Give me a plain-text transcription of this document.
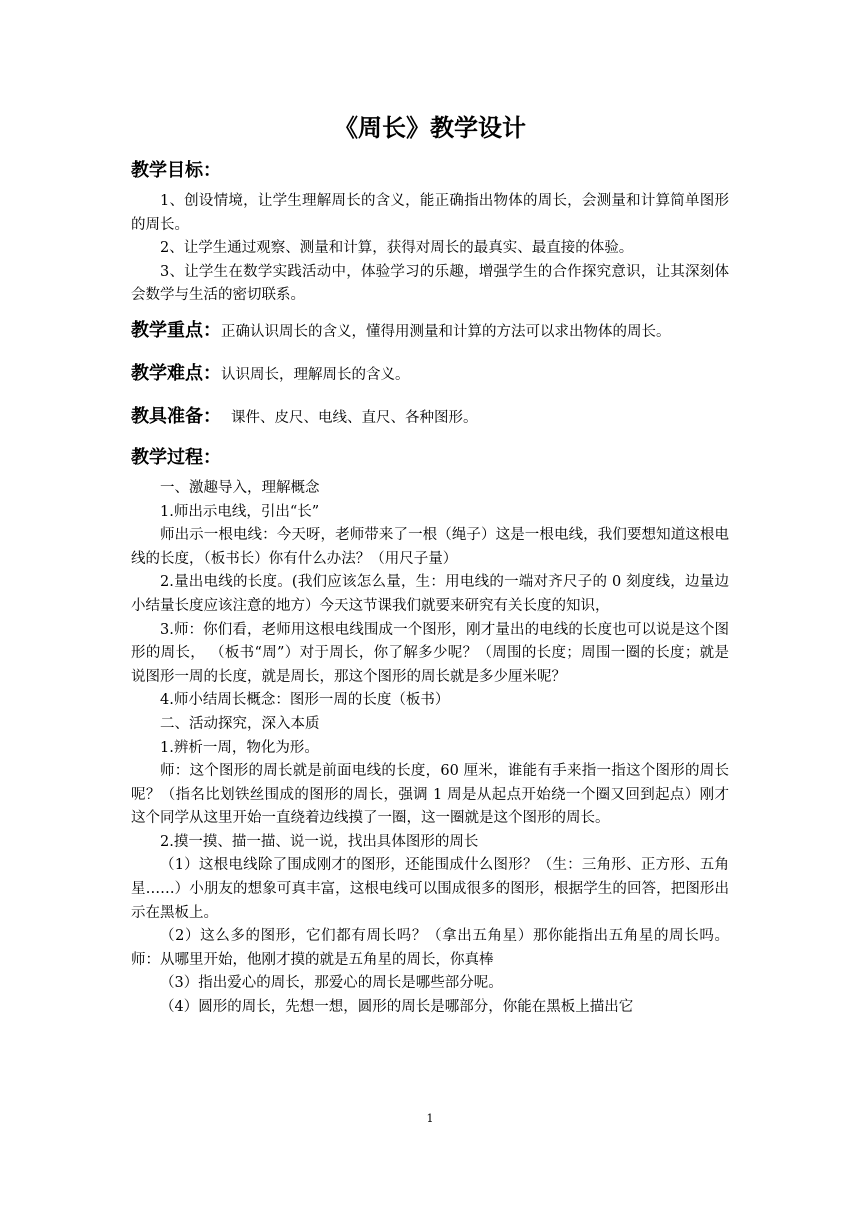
《周长》教学设计
教学目标：

1、创设情境，让学生理解周长的含义，能正确指出物体的周长，会测量和计算简单图形的周长。

2、让学生通过观察、测量和计算，获得对周长的最真实、最直接的体验。

3、让学生在数学实践活动中，体验学习的乐趣，增强学生的合作探究意识，让其深刻体会数学与生活的密切联系。

教学重点：正确认识周长的含义，懂得用测量和计算的方法可以求出物体的周长。

教学难点：认识周长，理解周长的含义。

教具准备： 课件、皮尺、电线、直尺、各种图形。

教学过程：

一、激趣导入，理解概念

1.师出示电线，引出“长”

师出示一根电线：今天呀，老师带来了一根（绳子）这是一根电线，我们要想知道这根电线的长度，（板书长）你有什么办法？（用尺子量）

2.量出电线的长度。(我们应该怎么量，生：用电线的一端对齐尺子的 0 刻度线，边量边小结量长度应该注意的地方）今天这节课我们就要来研究有关长度的知识，

3.师：你们看，老师用这根电线围成一个图形，刚才量出的电线的长度也可以说是这个图形的周长， （板书“周”）对于周长，你了解多少呢？（周围的长度；周围一圈的长度；就是说图形一周的长度，就是周长，那这个图形的周长就是多少厘米呢？

4.师小结周长概念：图形一周的长度（板书）

二、活动探究，深入本质

1.辨析一周，物化为形。

师：这个图形的周长就是前面电线的长度，60 厘米，谁能有手来指一指这个图形的周长呢？（指名比划铁丝围成的图形的周长，强调 1 周是从起点开始绕一个圈又回到起点）刚才这个同学从这里开始一直绕着边线摸了一圈，这一圈就是这个图形的周长。

2.摸一摸、描一描、说一说，找出具体图形的周长

（1）这根电线除了围成刚才的图形，还能围成什么图形？（生：三角形、正方形、五角星……）小朋友的想象可真丰富，这根电线可以围成很多的图形，根据学生的回答，把图形出示在黑板上。

（2）这么多的图形，它们都有周长吗？（拿出五角星）那你能指出五角星的周长吗。师：从哪里开始，他刚才摸的就是五角星的周长，你真棒

（3）指出爱心的周长，那爱心的周长是哪些部分呢。

（4）圆形的周长，先想一想，圆形的周长是哪部分，你能在黑板上描出它

1
